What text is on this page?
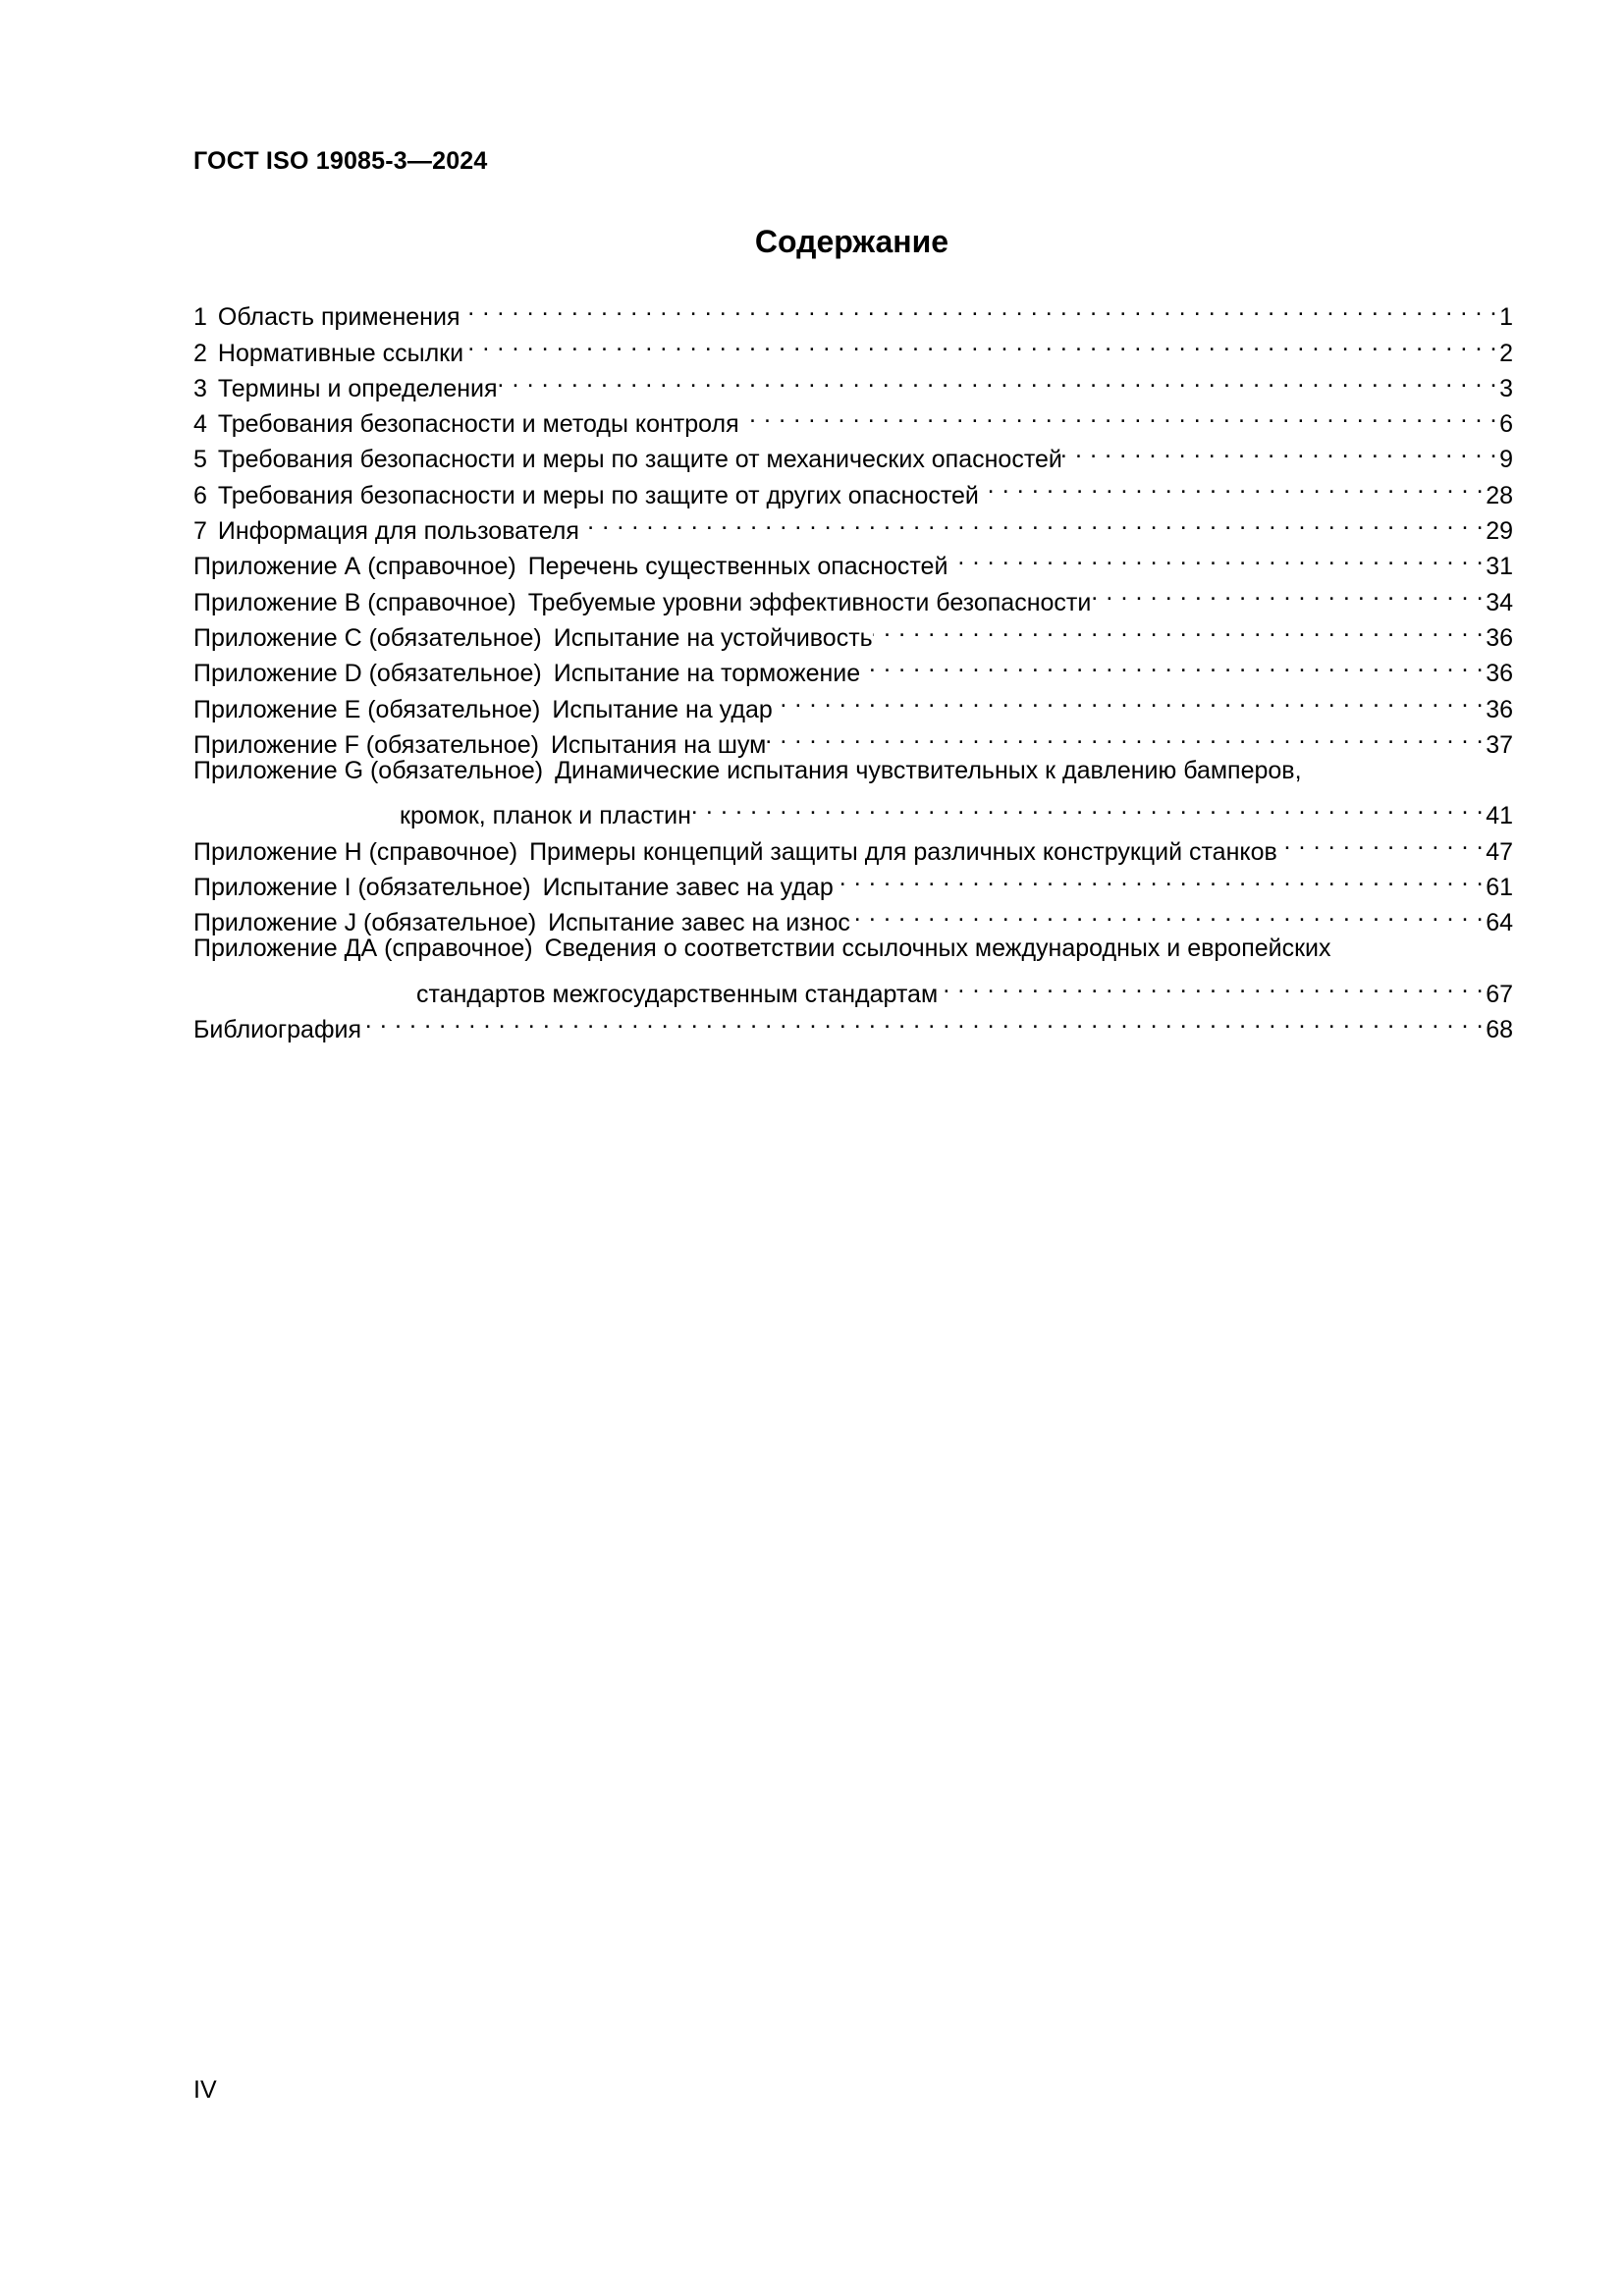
ГОСТ ISO 19085-3—2024
Содержание
1 Область применения . . .	1
2 Нормативные ссылки . . .	2
3 Термины и определения . . .	3
4 Требования безопасности и методы контроля . . .	6
5 Требования безопасности и меры по защите от механических опасностей . . .	9
6 Требования безопасности и меры по защите от других опасностей . . .	28
7 Информация для пользователя . . .	29
Приложение А (справочное) Перечень существенных опасностей . . .	31
Приложение В (справочное) Требуемые уровни эффективности безопасности . . .	34
Приложение С (обязательное) Испытание на устойчивость . . .	36
Приложение D (обязательное) Испытание на торможение . . .	36
Приложение E (обязательное) Испытание на удар . . .	36
Приложение F (обязательное) Испытания на шум . . .	37
Приложение G (обязательное) Динамические испытания чувствительных к давлению бамперов,
кромок, планок и пластин . . .	41
Приложение Н (справочное) Примеры концепций защиты для различных конструкций станков . . .	47
Приложение I (обязательное) Испытание завес на удар . . .	61
Приложение J (обязательное) Испытание завес на износ . . .	64
Приложение ДА (справочное) Сведения о соответствии ссылочных международных и европейских
стандартов межгосударственным стандартам . . .	67
Библиография . . .	68
IV
